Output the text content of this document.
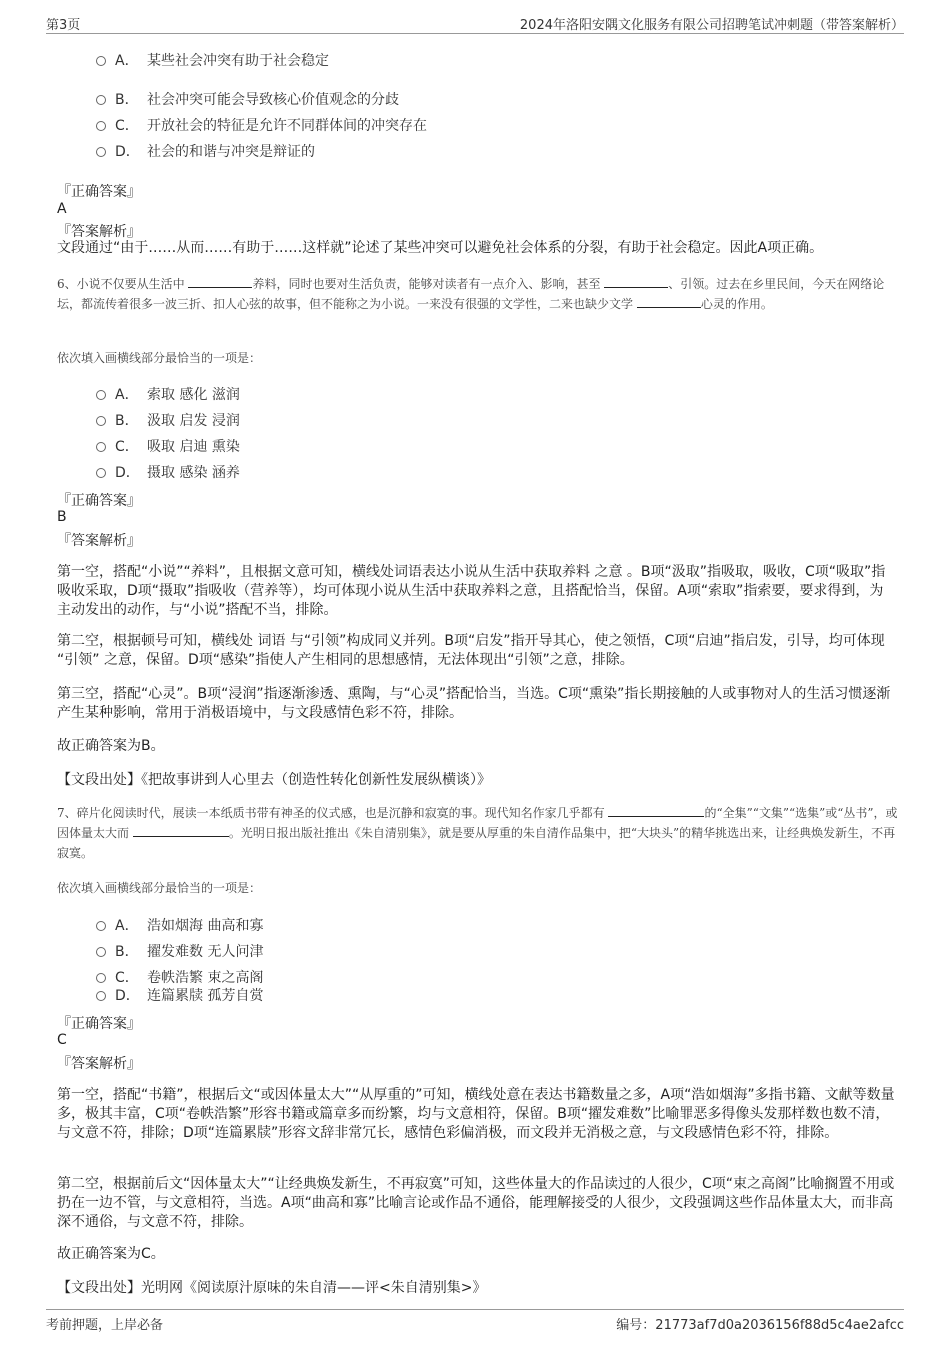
第3页	2024年洛阳安隅文化服务有限公司招聘笔试冲刺题（带答案解析）
A． 某些社会冲突有助于社会稳定
B． 社会冲突可能会导致核心价值观念的分歧
C． 开放社会的特征是允许不同群体间的冲突存在
D． 社会的和谐与冲突是辩证的
『正确答案』
A
『答案解析』
文段通过“由于……从而……有助于……这样就”论述了某些冲突可以避免社会体系的分裂，有助于社会稳定。因此A项正确。
6、小说不仅要从生活中	养料，同时也要对生活负责，能够对读者有一点介入、影响，甚至	、引领。过去在乡里民间，今天在网络论坛，都流传着很多一波三折、扣人心弦的故事，但不能称之为小说。一来没有很强的文学性，二来也缺少文学	心灵的作用。
依次填入画横线部分最恰当的一项是：
A． 索取 感化 滋润
B． 汲取 启发 浸润
C． 吸取 启迪 熏染
D． 摄取 感染 涵养
『正确答案』
B
『答案解析』
第一空，搭配“小说”“养料”，且根据文意可知，横线处词语表达小说从生活中获取养料 之意 。B项“汲取”指吸取，吸收，C项“吸取”指吸收采取，D项“摄取”指吸收（营养等），均可体现小说从生活中获取养料之意，且搭配恰当，保留。A项“索取”指索要，要求得到，为主动发出的动作，与“小说”搭配不当，排除。
第二空，根据顿号可知，横线处 词语 与“引领”构成同义并列。B项“启发”指开导其心，使之领悟，C项“启迪”指启发，引导，均可体现 “引领” 之意，保留。D项“感染”指使人产生相同的思想感情，无法体现出“引领”之意，排除。
第三空，搭配“心灵”。B项“浸润”指逐渐渗透、熏陶，与“心灵”搭配恰当，当选。C项“熏染”指长期接触的人或事物对人的生活习惯逐渐产生某种影响，常用于消极语境中，与文段感情色彩不符，排除。
故正确答案为B。
【文段出处】《把故事讲到人心里去（创造性转化创新性发展纵横谈）》
7、碎片化阅读时代，展读一本纸质书带有神圣的仪式感，也是沉静和寂寞的事。现代知名作家几乎都有	的“全集”“文集”“选集”或“丛书”，或因体量太大而	。光明日报出版社推出《朱自清别集》，就是要从厚重的朱自清作品集中，把“大块头”的精华挑选出来，让经典焕发新生，不再寂寞。
依次填入画横线部分最恰当的一项是：
A． 浩如烟海 曲高和寡
B． 擢发难数 无人问津
C． 卷帙浩繁 束之高阁
D． 连篇累牍 孤芳自赏
『正确答案』
C
『答案解析』
第一空，搭配“书籍”，根据后文“或因体量太大”“从厚重的”可知，横线处意在表达书籍数量之多，A项“浩如烟海”多指书籍、文献等数量多，极其丰富，C项“卷帙浩繁”形容书籍或篇章多而纷繁，均与文意相符，保留。B项“擢发难数”比喻罪恶多得像头发那样数也数不清，与文意不符，排除；D项“连篇累牍”形容文辞非常冗长，感情色彩偏消极，而文段并无消极之意，与文段感情色彩不符，排除。
第二空，根据前后文“因体量太大”“让经典焕发新生，不再寂寞”可知，这些体量大的作品读过的人很少，C项“束之高阁”比喻搁置不用或扔在一边不管，与文意相符，当选。A项“曲高和寡”比喻言论或作品不通俗，能理解接受的人很少，文段强调这些作品体量太大，而非高深不通俗，与文意不符，排除。
故正确答案为C。
【文段出处】光明网《阅读原汁原味的朱自清——评<朱自清别集>》
考前押题，上岸必备	编号：21773af7d0a2036156f88d5c4ae2afcc
